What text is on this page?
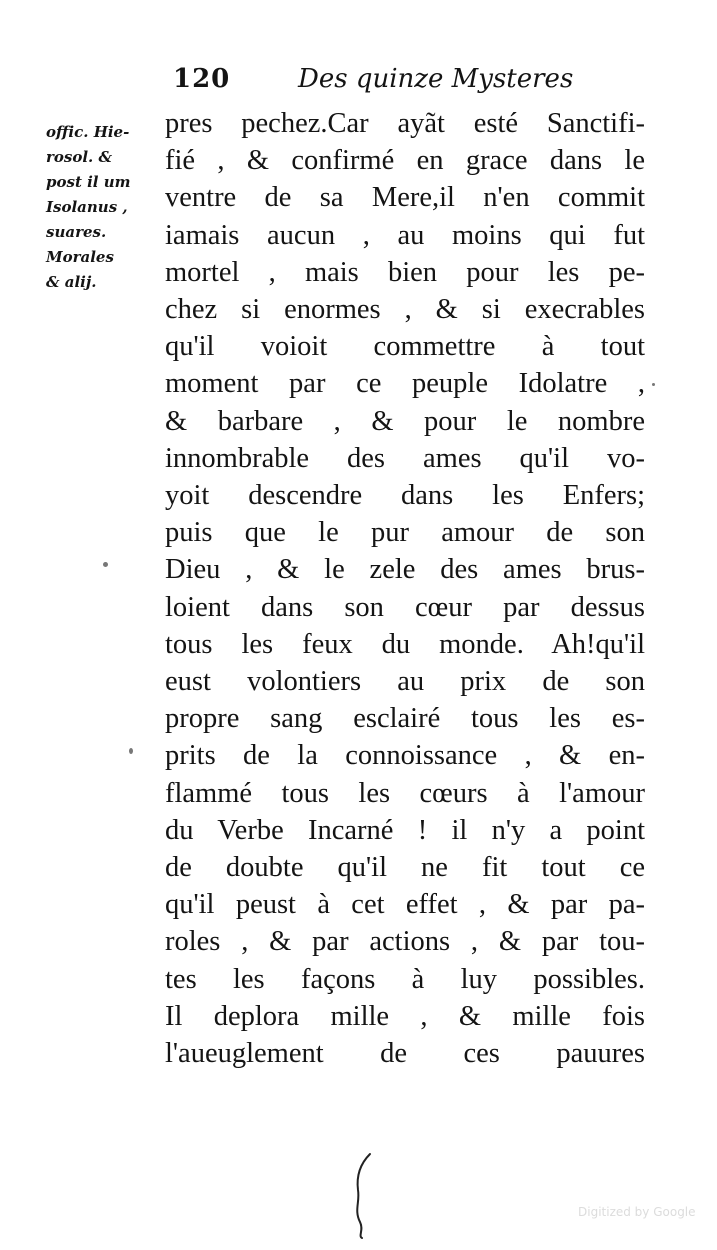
120	Des quinze Mysteres
offic. Hie-
rosol. &
post il um
Isolanus ,
suares.
Morales
& alij.
pres pechez.Car ayãt esté Sanctifi-
fié , & confirmé en grace dans le
ventre de sa Mere,il n'en commit
iamais aucun , au moins qui fut
mortel , mais bien pour les pe-
chez si enormes , & si execrables
qu'il voioit commettre à tout
moment par ce peuple Idolatre ,
& barbare , & pour le nombre
innombrable des ames qu'il vo-
yoit descendre dans les Enfers;
puis que le pur amour de son
Dieu , & le zele des ames brus-
loient dans son cœur par dessus
tous les feux du monde. Ah!qu'il
eust volontiers au prix de son
propre sang esclairé tous les es-
prits de la connoissance , & en-
flammé tous les cœurs à l'amour
du Verbe Incarné ! il n'y a point
de doubte qu'il ne fit tout ce
qu'il peust à cet effet , & par pa-
roles , & par actions , & par tou-
tes les façons à luy possibles.
Il deplora mille , & mille fois
l'aueuglement de ces pauures
Digitized by Google
